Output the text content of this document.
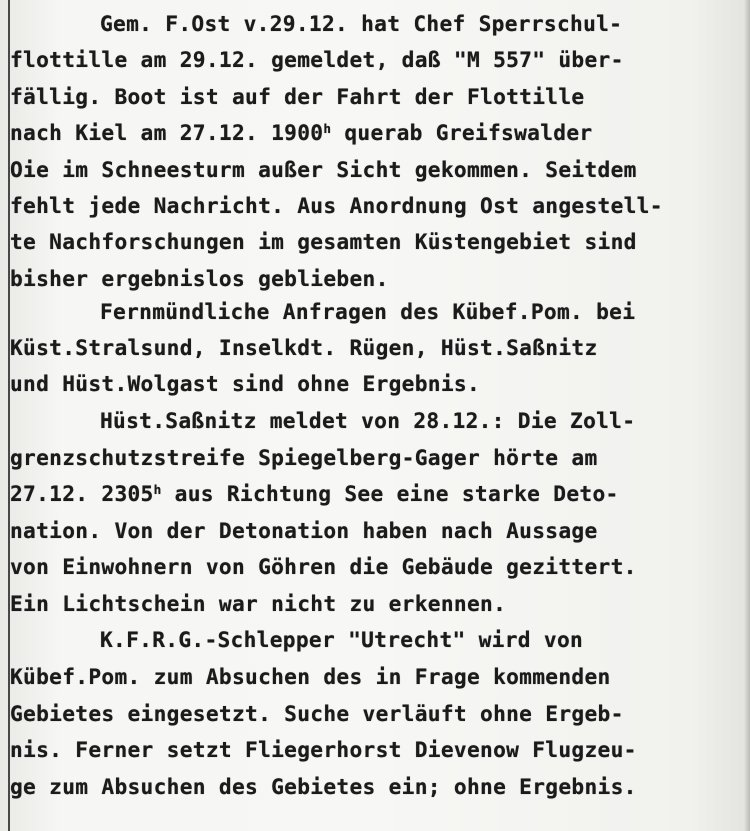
Gem. F.Ost v.29.12. hat Chef Sperrschul-
flottille am 29.12. gemeldet, daß "M 557" über-
fällig. Boot ist auf der Fahrt der Flottille
nach Kiel am 27.12. 1900$^h$ querab Greifswalder
Oie im Schneesturm außer Sicht gekommen. Seitdem
fehlt jede Nachricht. Aus Anordnung Ost angestell-
te Nachforschungen im gesamten Küstengebiet sind
bisher ergebnislos geblieben.
Fernmündliche Anfragen des Kübef.Pom. bei
Küst.Stralsund, Inselkdt. Rügen, Hüst.Saßnitz
und Hüst.Wolgast sind ohne Ergebnis.
Hüst.Saßnitz meldet von 28.12.: Die Zoll-
grenzschutzstreife Spiegelberg-Gager hörte am
27.12. 2305$^h$ aus Richtung See eine starke Deto-
nation. Von der Detonation haben nach Aussage
von Einwohnern von Göhren die Gebäude gezittert.
Ein Lichtschein war nicht zu erkennen.
K.F.R.G.-Schlepper "Utrecht" wird von
Kübef.Pom. zum Absuchen des in Frage kommenden
Gebietes eingesetzt. Suche verläuft ohne Ergeb-
nis. Ferner setzt Fliegerhorst Dievenow Flugzeu-
ge zum Absuchen des Gebietes ein; ohne Ergebnis.
